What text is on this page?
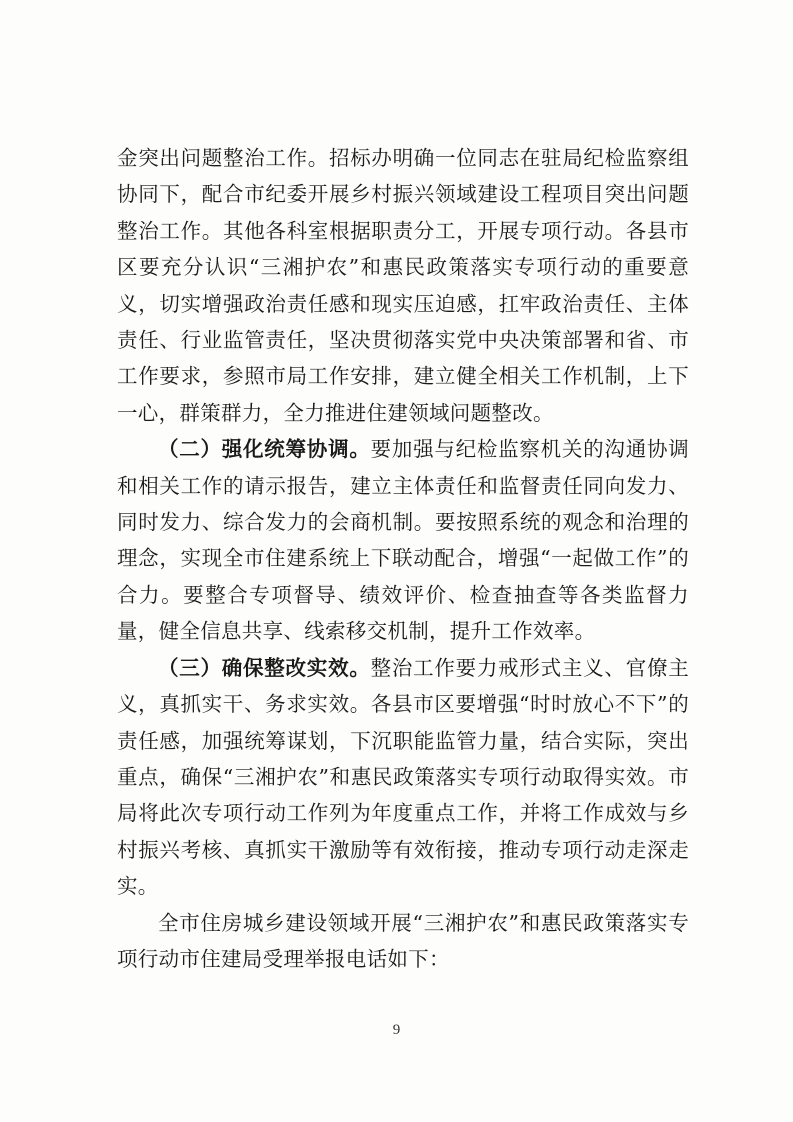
金突出问题整治工作。招标办明确一位同志在驻局纪检监察组协同下，配合市纪委开展乡村振兴领域建设工程项目突出问题整治工作。其他各科室根据职责分工，开展专项行动。各县市区要充分认识“三湘护农”和惠民政策落实专项行动的重要意义，切实增强政治责任感和现实压迫感，扛牢政治责任、主体责任、行业监管责任，坚决贯彻落实党中央决策部署和省、市工作要求，参照市局工作安排，建立健全相关工作机制，上下一心，群策群力，全力推进住建领域问题整改。

（二）强化统筹协调。要加强与纪检监察机关的沟通协调和相关工作的请示报告，建立主体责任和监督责任同向发力、同时发力、综合发力的会商机制。要按照系统的观念和治理的理念，实现全市住建系统上下联动配合，增强“一起做工作”的合力。要整合专项督导、绩效评价、检查抽查等各类监督力量，健全信息共享、线索移交机制，提升工作效率。

（三）确保整改实效。整治工作要力戒形式主义、官僚主义，真抓实干、务求实效。各县市区要增强“时时放心不下”的责任感，加强统筹谋划，下沉职能监管力量，结合实际，突出重点，确保“三湘护农”和惠民政策落实专项行动取得实效。市局将此次专项行动工作列为年度重点工作，并将工作成效与乡村振兴考核、真抓实干激励等有效衔接，推动专项行动走深走实。

全市住房城乡建设领域开展“三湘护农”和惠民政策落实专项行动市住建局受理举报电话如下：

9
